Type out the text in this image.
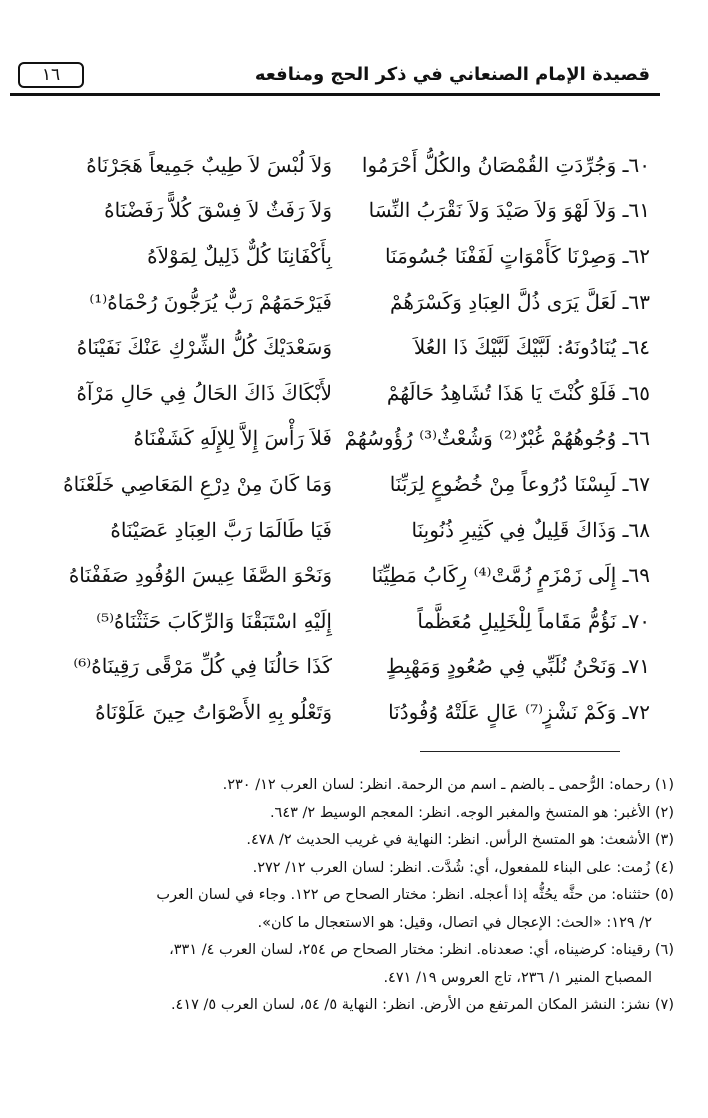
١٦	قصيدة الإمام الصنعاني في ذكر الحج ومنافعه
٦٠ـ وَجُرِّدَتِ القُمْصَانُ والكُلُّ أَحْرَمُوا
وَلاَ لُبْسَ لاَ طِيبٌ جَمِيعاً هَجَرْنَاهُ
٦١ـ وَلاَ لَهْوَ وَلاَ صَيْدَ وَلاَ نَقْرَبُ النِّسَا
وَلاَ رَفَثٌ لاَ فِسْقَ كُلاًّ رَفَضْنَاهُ
٦٢ـ وَصِرْنَا كَأَمْوَاتٍ لَفَفْنَا جُسُومَنَا
بِأَكْفَانِنَا كُلٌّ ذَلِيلٌ لِمَوْلاَهُ
٦٣ـ لَعَلَّ يَرَى ذُلَّ العِبَادِ وَكَسْرَهُمْ
فَيَرْحَمَهُمْ رَبٌّ يُرَجُّونَ رُحْمَاهُ⁽¹⁾
٦٤ـ يُنَادُونَهُ: لَبَّيْكَ لَبَّيْكَ ذَا العُلاَ
وَسَعْدَيْكَ كُلُّ الشِّرْكِ عَنْكَ نَفَيْنَاهُ
٦٥ـ فَلَوْ كُنْتَ يَا هَذَا تُشَاهِدُ حَالَهُمْ
لأَبْكَاكَ ذَاكَ الحَالُ فِي حَالِ مَرْآهُ
٦٦ـ وُجُوهُهُمْ غُبْرٌ⁽²⁾ وَشُعْثٌ⁽³⁾ رُؤُوسُهُمْ
فَلاَ رَأْسَ إِلاَّ لِلإِلَهِ كَشَفْنَاهُ
٦٧ـ لَبِسْنَا دُرُوعاً مِنْ خُضُوعٍ لِرَبِّنَا
وَمَا كَانَ مِنْ دِرْعِ المَعَاصِي خَلَعْنَاهُ
٦٨ـ وَذَاكَ قَلِيلٌ فِي كَثِيرِ ذُنُوبِنَا
فَيَا طَالَمَا رَبَّ العِبَادِ عَصَيْنَاهُ
٦٩ـ إِلَى زَمْزَمٍ زُمَّتْ⁽⁴⁾ رِكَابُ مَطِيِّنَا
وَنَحْوَ الصَّفَا عِيسَ الوُفُودِ صَفَفْنَاهُ
٧٠ـ نَؤُمُّ مَقَاماً لِلْخَلِيلِ مُعَظَّماً
إِلَيْهِ اسْتَبَقْنَا وَالرِّكَابَ حَثَثْنَاهُ⁽⁵⁾
٧١ـ وَنَحْنُ نُلَبِّي فِي صُعُودٍ وَمَهْبِطٍ
كَذَا حَالُنَا فِي كُلِّ مَرْقًى رَقِينَاهُ⁽⁶⁾
٧٢ـ وَكَمْ نَشْزٍ⁽⁷⁾ عَالٍ عَلَتْهُ وُفُودُنَا
وَتَعْلُو بِهِ الأَصْوَاتُ حِينَ عَلَوْنَاهُ
(١) رحماه: الرُّحمى ـ بالضم ـ اسم من الرحمة. انظر: لسان العرب ١٢/ ٢٣٠.
(٢) الأغبر: هو المتسخ والمغبر الوجه. انظر: المعجم الوسيط ٢/ ٦٤٣.
(٣) الأشعث: هو المتسخ الرأس. انظر: النهاية في غريب الحديث ٢/ ٤٧٨.
(٤) زُمت: على البناء للمفعول، أي: شُدَّت. انظر: لسان العرب ١٢/ ٢٧٢.
(٥) حثثناه: من حثَّه يحُثُّه إذا أعجله. انظر: مختار الصحاح ص ١٢٢. وجاء في لسان العرب
٢/ ١٢٩: «الحث: الإعجال في اتصال، وقيل: هو الاستعجال ما كان».
(٦) رقيناه: كرضيناه، أي: صعدناه. انظر: مختار الصحاح ص ٢٥٤، لسان العرب ٤/ ٣٣١،
المصباح المنير ١/ ٢٣٦، تاج العروس ١٩/ ٤٧١.
(٧) نشز: النشز المكان المرتفع من الأرض. انظر: النهاية ٥/ ٥٤، لسان العرب ٥/ ٤١٧.
